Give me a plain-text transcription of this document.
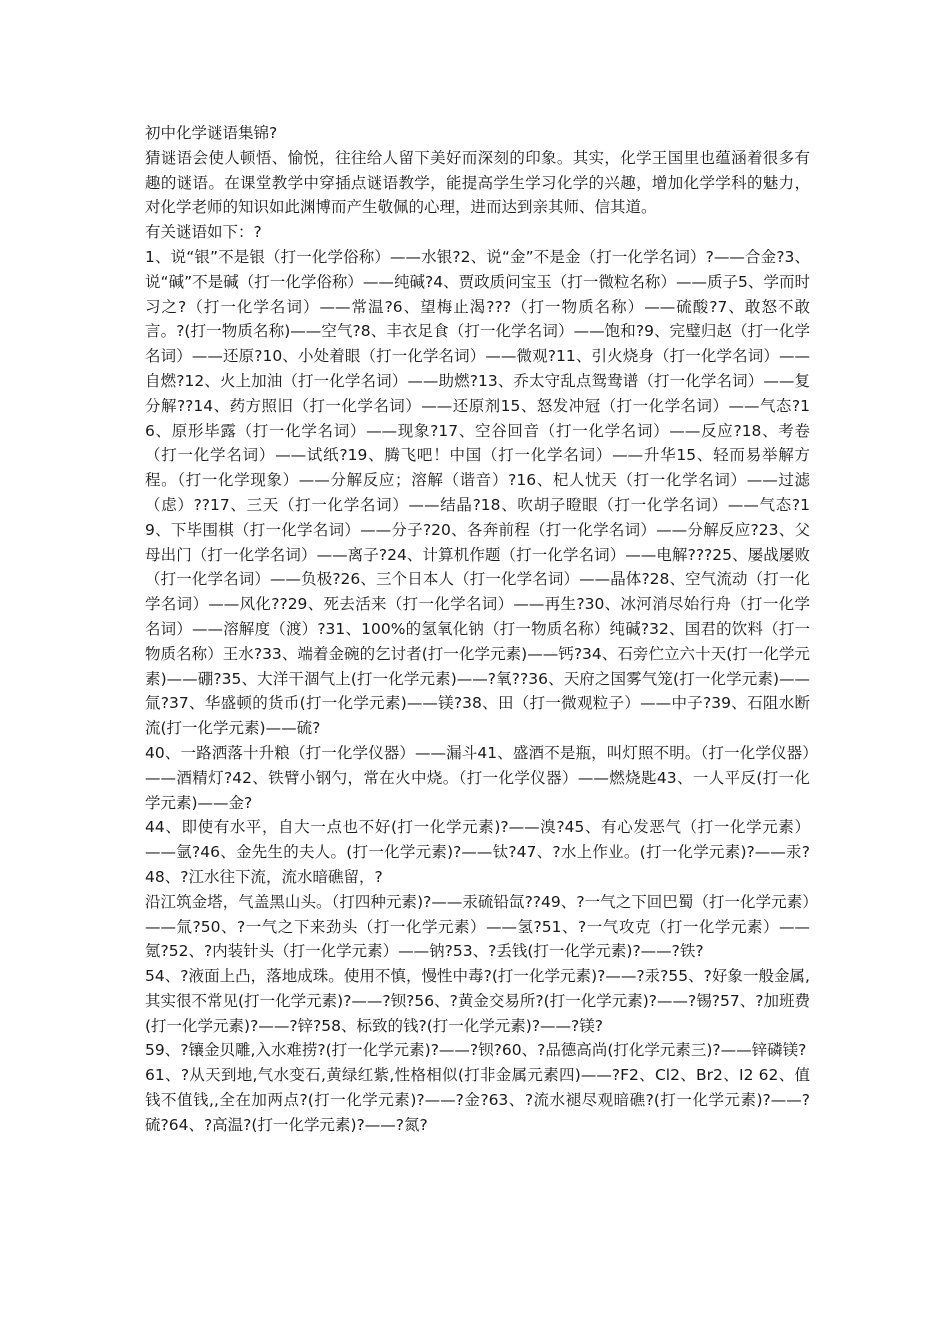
初中化学谜语集锦?

猜谜语会使人顿悟、愉悦，往往给人留下美好而深刻的印象。其实，化学王国里也蕴涵着很多有趣的谜语。在课堂教学中穿插点谜语教学，能提高学生学习化学的兴趣，增加化学学科的魅力，对化学老师的知识如此渊博而产生敬佩的心理，进而达到亲其师、信其道。

有关谜语如下：?

1、说“银”不是银（打一化学俗称）——水银?2、说“金”不是金（打一化学名词）?——合金?3、说“碱”不是碱（打一化学俗称）——纯碱?4、贾政质问宝玉（打一微粒名称）——质子5、学而时习之?（打一化学名词）——常温?6、望梅止渴???（打一物质名称）——硫酸?7、敢怒不敢言。?(打一物质名称)——空气?8、丰衣足食（打一化学名词）——饱和?9、完璧归赵（打一化学名词）——还原?10、小处着眼（打一化学名词）——微观?11、引火烧身（打一化学名词）——自燃?12、火上加油（打一化学名词）——助燃?13、乔太守乱点鸳鸯谱（打一化学名词）——复分解??14、药方照旧（打一化学名词）——还原剂15、怒发冲冠（打一化学名词）——气态?16、原形毕露（打一化学名词）——现象?17、空谷回音（打一化学名词）——反应?18、考卷（打一化学名词）——试纸?19、腾飞吧！中国（打一化学名词）——升华15、轻而易举解方程。（打一化学现象）——分解反应；溶解（谐音）?16、杞人忧天（打一化学名词）——过滤（虑）??17、三天（打一化学名词）——结晶?18、吹胡子瞪眼（打一化学名词）——气态?19、下毕围棋（打一化学名词）——分子?20、各奔前程（打一化学名词）——分解反应?23、父母出门（打一化学名词）——离子?24、计算机作题（打一化学名词）——电解???25、屡战屡败（打一化学名词）——负极?26、三个日本人（打一化学名词）——晶体?28、空气流动（打一化学名词）——风化??29、死去活来（打一化学名词）——再生?30、冰河消尽始行舟（打一化学名词）——溶解度（渡）?31、100%的氢氧化钠（打一物质名称）纯碱?32、国君的饮料（打一物质名称）王水?33、端着金碗的乞讨者(打一化学元素)——钙?34、石旁伫立六十天(打一化学元素)——硼?35、大洋干涸气上(打一化学元素)——?氧??36、天府之国雾气笼(打一化学元素)——氚?37、华盛顿的货币(打一化学元素)——镁?38、田（打一微观粒子）——中子?39、石阻水断流(打一化学元素)——硫?

40、一路洒落十升粮（打一化学仪器）——漏斗41、盛酒不是瓶，叫灯照不明。（打一化学仪器）——酒精灯?42、铁臂小钢勺，常在火中烧。（打一化学仪器）——燃烧匙43、一人平反(打一化学元素)——金?

44、即使有水平，自大一点也不好(打一化学元素)?——溴?45、有心发恶气（打一化学元素）——氩?46、金先生的夫人。(打一化学元素)?——钛?47、?水上作业。(打一化学元素)?——汞?48、?江水往下流，流水暗礁留，?

沿江筑金塔，气盖黑山头。（打四种元素)?——汞硫铅氙??49、?一气之下回巴蜀（打一化学元素）——氚?50、?一气之下来劲头（打一化学元素）——氢?51、?一气攻克（打一化学元素）——氪?52、?内装针头（打一化学元素）——钠?53、?丢钱(打一化学元素)?——?铁?

54、?液面上凸，落地成珠。使用不慎，慢性中毒?(打一化学元素)?——?汞?55、?好象一般金属,其实很不常见(打一化学元素)?——?钡?56、?黄金交易所?(打一化学元素)?——?锡?57、?加班费(打一化学元素)?——?锌?58、标致的钱?(打一化学元素)?——?镁?

59、?镶金贝雕,入水难捞?(打一化学元素)?——?钡?60、?品德高尚(打化学元素三)?——锌磷镁?

61、?从天到地,气水变石,黄绿红紫,性格相似(打非金属元素四)——?F2、Cl2、Br2、I2 62、值钱不值钱,,全在加两点?(打一化学元素)?——?金?63、?流水褪尽观暗礁?(打一化学元素)?——?硫?64、?高温?(打一化学元素)?——?氮?
